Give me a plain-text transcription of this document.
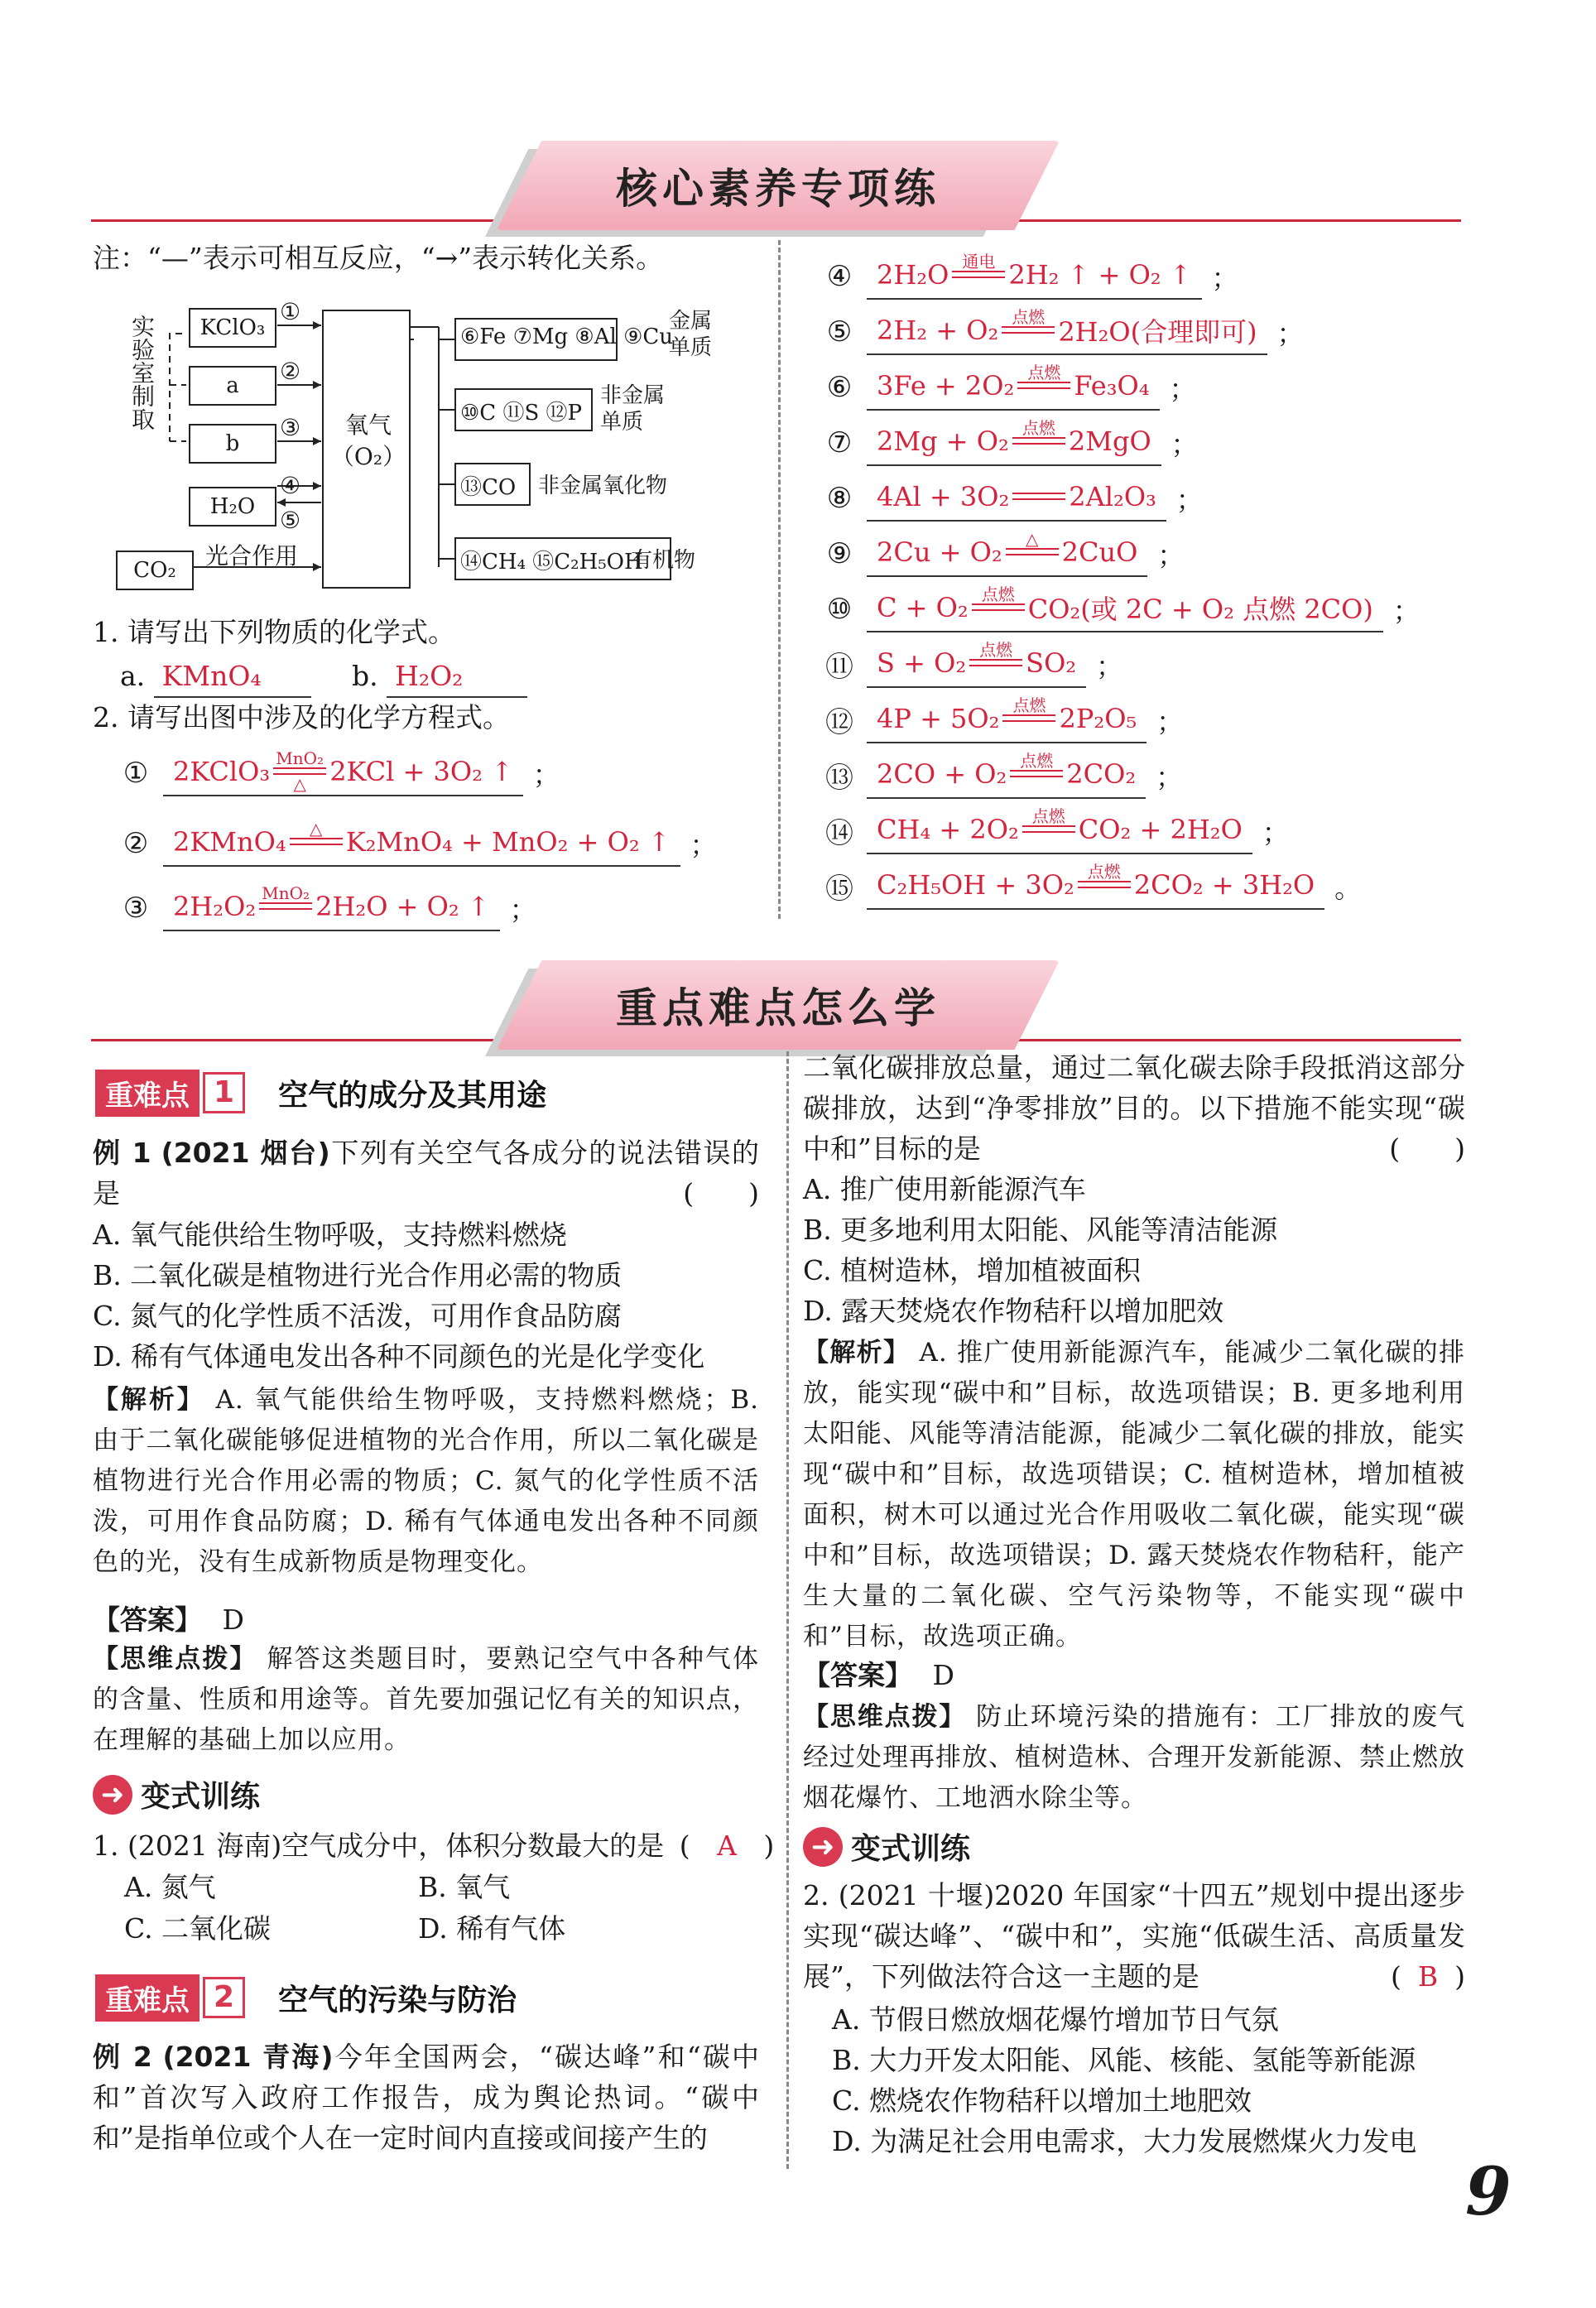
核心素养专项练
注：“—”表示可相互反应，“→”表示转化关系。
KClO₃
a
b
H₂O
CO₂
实验室制取
①
②
③
④
⑤
光合作用
氧气（O₂）
⑥Fe ⑦Mg ⑧Al ⑨Cu
金属单质
⑩C ⑪S ⑫P
非金属单质
⑬CO 非金属氧化物
⑭CH₄ ⑮C₂H₅OH
有机物
1. 请写出下列物质的化学式。
a. KMnO₄	b. H₂O₂
2. 请写出图中涉及的化学方程式。
① 2KClO₃ MnO₂
△ 2KCl + 3O₂ ↑ ；
② 2KMnO₄ △ K₂MnO₄ + MnO₂ + O₂ ↑ ；
③ 2H₂O₂ MnO₂ 2H₂O + O₂ ↑ ；
④ 2H₂O 通电 2H₂ ↑ + O₂ ↑ ；
⑤ 2H₂ + O₂ 点燃 2H₂O(合理即可) ；
⑥ 3Fe + 2O₂ 点燃 Fe₃O₄ ；
⑦ 2Mg + O₂ 点燃 2MgO ；
⑧ 4Al + 3O₂ 2Al₂O₃ ；
⑨ 2Cu + O₂ △ 2CuO ；
⑩ C + O₂ 点燃 CO₂(或 2C + O₂ 点燃 2CO) ；
⑪ S + O₂ 点燃 SO₂ ；
⑫ 4P + 5O₂ 点燃 2P₂O₅ ；
⑬ 2CO + O₂ 点燃 2CO₂ ；
⑭ CH₄ + 2O₂ 点燃 CO₂ + 2H₂O ；
⑮ C₂H₅OH + 3O₂ 点燃 2CO₂ + 3H₂O 。
重点难点怎么学
重难点 1	空气的成分及其用途
例 1 (2021 烟台)下列有关空气各成分的说法错误的是	(　　)
A. 氧气能供给生物呼吸，支持燃料燃烧
B. 二氧化碳是植物进行光合作用必需的物质
C. 氮气的化学性质不活泼，可用作食品防腐
D. 稀有气体通电发出各种不同颜色的光是化学变化
【解析】 A. 氧气能供给生物呼吸，支持燃料燃烧；B. 由于二氧化碳能够促进植物的光合作用，所以二氧化碳是植物进行光合作用必需的物质；C. 氮气的化学性质不活泼，可用作食品防腐；D. 稀有气体通电发出各种不同颜色的光，没有生成新物质是物理变化。
【答案】 D
【思维点拨】 解答这类题目时，要熟记空气中各种气体的含量、性质和用途等。首先要加强记忆有关的知识点，在理解的基础上加以应用。
➜ 变式训练
1. (2021 海南)空气成分中，体积分数最大的是 ( A )
A. 氮气	B. 氧气
C. 二氧化碳	D. 稀有气体
重难点 2	空气的污染与防治
例 2 (2021 青海)今年全国两会，“碳达峰”和“碳中和”首次写入政府工作报告，成为舆论热词。“碳中和”是指单位或个人在一定时间内直接或间接产生的
二氧化碳排放总量，通过二氧化碳去除手段抵消这部分碳排放，达到“净零排放”目的。以下措施不能实现“碳中和”目标的是	(　　)
A. 推广使用新能源汽车
B. 更多地利用太阳能、风能等清洁能源
C. 植树造林，增加植被面积
D. 露天焚烧农作物秸秆以增加肥效
【解析】 A. 推广使用新能源汽车，能减少二氧化碳的排放，能实现“碳中和”目标，故选项错误；B. 更多地利用太阳能、风能等清洁能源，能减少二氧化碳的排放，能实现“碳中和”目标，故选项错误；C. 植树造林，增加植被面积，树木可以通过光合作用吸收二氧化碳，能实现“碳中和”目标，故选项错误；D. 露天焚烧农作物秸秆，能产生大量的二氧化碳、空气污染物等，不能实现“碳中和”目标，故选项正确。
【答案】 D
【思维点拨】 防止环境污染的措施有：工厂排放的废气经过处理再排放、植树造林、合理开发新能源、禁止燃放烟花爆竹、工地洒水除尘等。
➜ 变式训练
2. (2021 十堰)2020 年国家“十四五”规划中提出逐步实现“碳达峰”、“碳中和”，实施“低碳生活、高质量发展”，下列做法符合这一主题的是	( B )
A. 节假日燃放烟花爆竹增加节日气氛
B. 大力开发太阳能、风能、核能、氢能等新能源
C. 燃烧农作物秸秆以增加土地肥效
D. 为满足社会用电需求，大力发展燃煤火力发电
9
